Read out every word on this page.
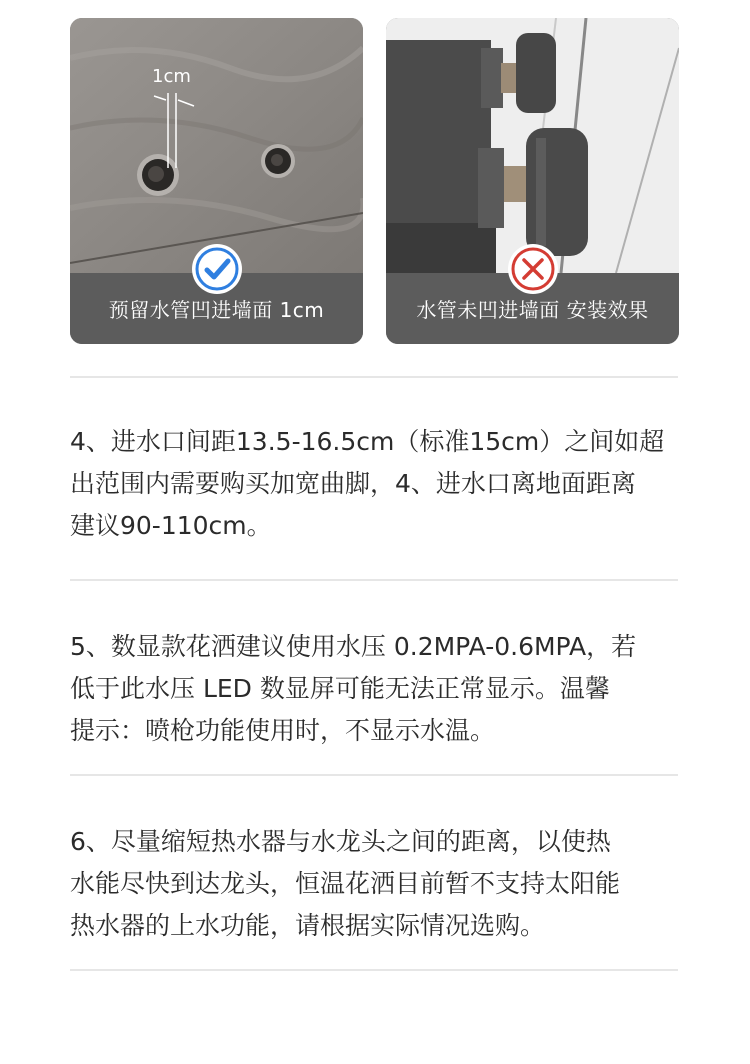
1cm
预留水管凹进墙面 1cm	水管未凹进墙面 安装效果

4、进水口间距13.5-16.5cm（标准15cm）之间如超
出范围内需要购买加宽曲脚，4、进水口离地面距离
建议90-110cm。

5、数显款花洒建议使用水压 0.2MPA-0.6MPA，若
低于此水压 LED 数显屏可能无法正常显示。温馨
提示：喷枪功能使用时，不显示水温。

6、尽量缩短热水器与水龙头之间的距离，以使热
水能尽快到达龙头，恒温花洒目前暂不支持太阳能
热水器的上水功能，请根据实际情况选购。
